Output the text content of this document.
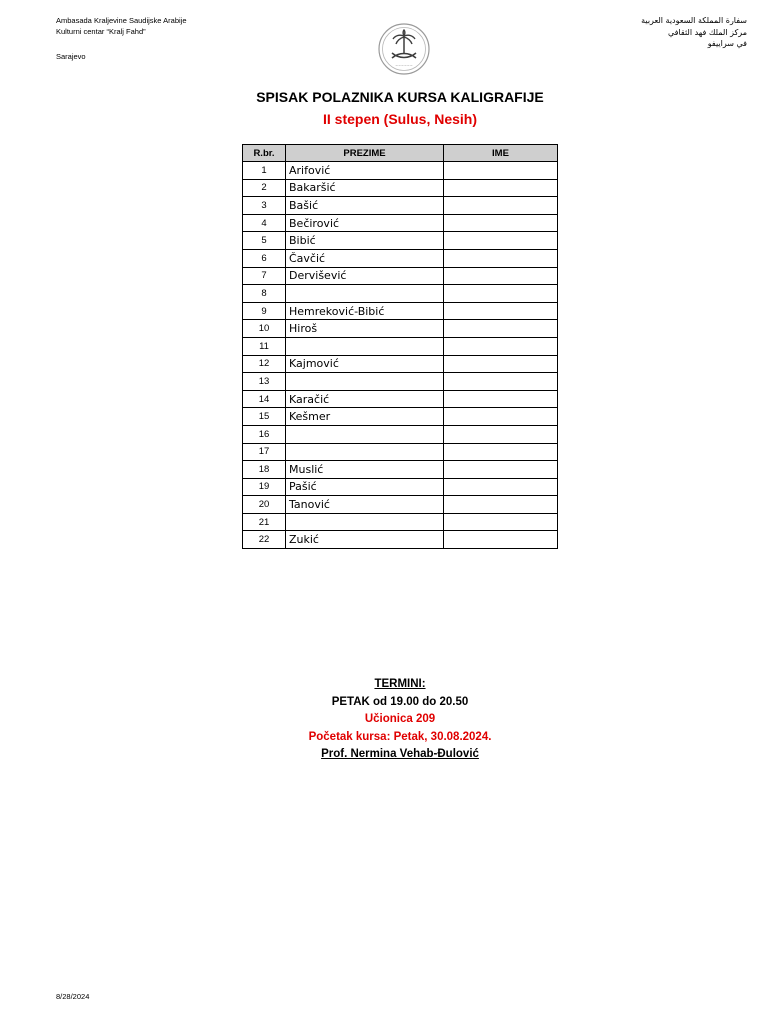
Ambasada Kraljevine Saudijske Arabije
Kulturni centar “Kralj Fahd”
Sarajevo
~~~~~~
سفارة المملكة السعودية العربية
مركز الملك فهد الثقافي
في سراييفو
SPISAK POLAZNIKA KURSA KALIGRAFIJE
II stepen (Sulus, Nesih)
R.br.	PREZIME	IME
1	Arifović	
2	Bakaršić	
3	Bašić	
4	Bečirović	
5	Bibić	
6	Čavčić	
7	Dervišević	
8		
9	Hemreković-Bibić	
10	Hiroš	
11		
12	Kajmović	
13		
14	Karačić	
15	Kešmer	
16		
17		
18	Muslić	
19	Pašić	
20	Tanović	
21		
22	Zukić	
TERMINI:
PETAK od 19.00 do 20.50
Učionica 209
Početak kursa: Petak, 30.08.2024.
Prof. Nermina Vehab-Đulović
8/28/2024
